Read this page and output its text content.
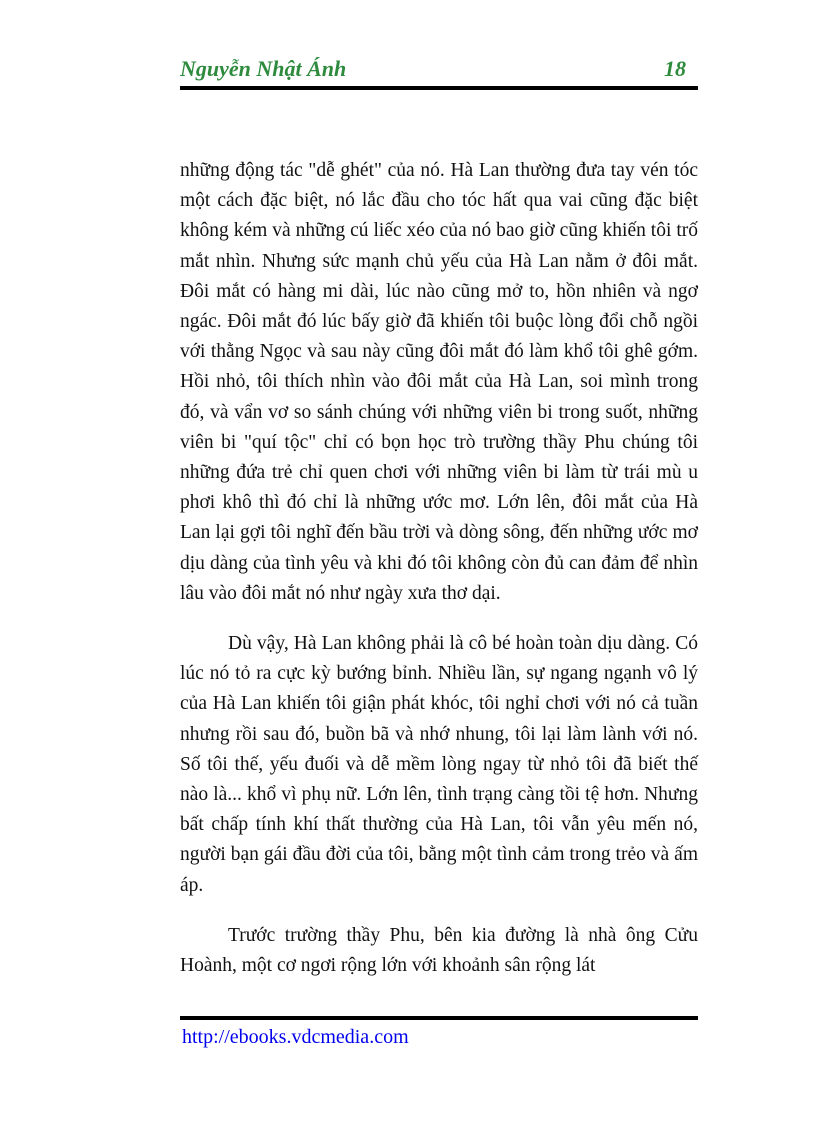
Nguyễn Nhật Ánh	18

những động tác "dễ ghét" của nó. Hà Lan thường đưa tay vén tóc một cách đặc biệt, nó lắc đầu cho tóc hất qua vai cũng đặc biệt không kém và những cú liếc xéo của nó bao giờ cũng khiến tôi trố mắt nhìn. Nhưng sức mạnh chủ yếu của Hà Lan nằm ở đôi mắt. Đôi mắt có hàng mi dài, lúc nào cũng mở to, hồn nhiên và ngơ ngác. Đôi mắt đó lúc bấy giờ đã khiến tôi buộc lòng đổi chỗ ngồi với thằng Ngọc và sau này cũng đôi mắt đó làm khổ tôi ghê gớm. Hồi nhỏ, tôi thích nhìn vào đôi mắt của Hà Lan, soi mình trong đó, và vẩn vơ so sánh chúng với những viên bi trong suốt, những viên bi "quí tộc" chỉ có bọn học trò trường thầy Phu chúng tôi những đứa trẻ chỉ quen chơi với những viên bi làm từ trái mù u phơi khô thì đó chỉ là những ước mơ. Lớn lên, đôi mắt của Hà Lan lại gợi tôi nghĩ đến bầu trời và dòng sông, đến những ước mơ dịu dàng của tình yêu và khi đó tôi không còn đủ can đảm để nhìn lâu vào đôi mắt nó như ngày xưa thơ dại.

Dù vậy, Hà Lan không phải là cô bé hoàn toàn dịu dàng. Có lúc nó tỏ ra cực kỳ bướng bỉnh. Nhiều lần, sự ngang ngạnh vô lý của Hà Lan khiến tôi giận phát khóc, tôi nghỉ chơi với nó cả tuần nhưng rồi sau đó, buồn bã và nhớ nhung, tôi lại làm lành với nó. Số tôi thế, yếu đuối và dễ mềm lòng ngay từ nhỏ tôi đã biết thế nào là... khổ vì phụ nữ. Lớn lên, tình trạng càng tồi tệ hơn. Nhưng bất chấp tính khí thất thường của Hà Lan, tôi vẫn yêu mến nó, người bạn gái đầu đời của tôi, bằng một tình cảm trong trẻo và ấm áp.

Trước trường thầy Phu, bên kia đường là nhà ông Cửu Hoành, một cơ ngơi rộng lớn với khoảnh sân rộng lát

http://ebooks.vdcmedia.com
